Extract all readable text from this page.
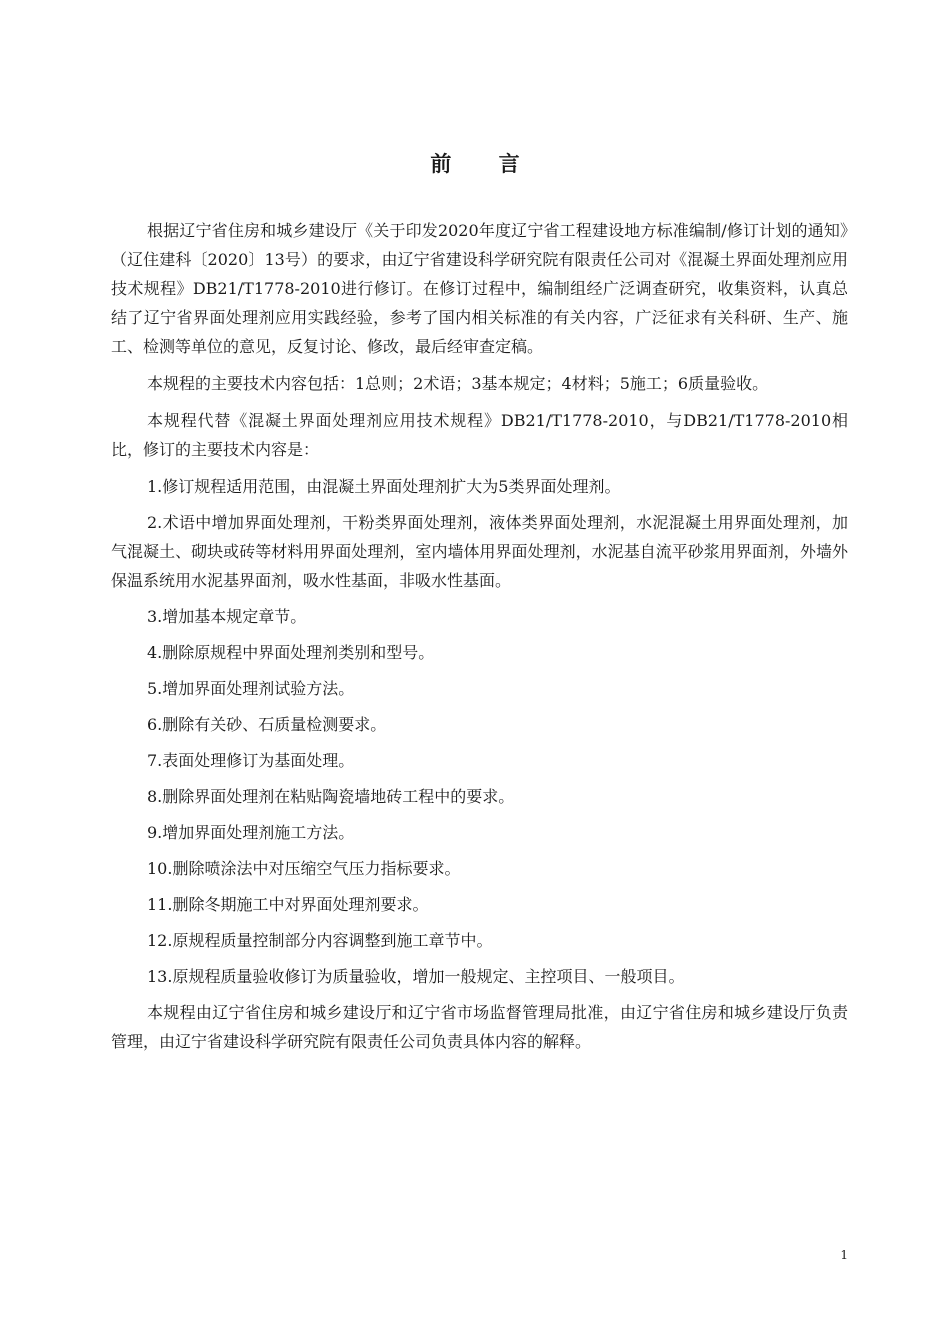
前 言

根据辽宁省住房和城乡建设厅《关于印发2020年度辽宁省工程建设地方标准编制/修订计划的通知》（辽住建科〔2020〕13号）的要求，由辽宁省建设科学研究院有限责任公司对《混凝土界面处理剂应用技术规程》DB21/T1778-2010进行修订。在修订过程中，编制组经广泛调查研究，收集资料，认真总结了辽宁省界面处理剂应用实践经验，参考了国内相关标准的有关内容，广泛征求有关科研、生产、施工、检测等单位的意见，反复讨论、修改，最后经审查定稿。

本规程的主要技术内容包括：1总则；2术语；3基本规定；4材料；5施工；6质量验收。

本规程代替《混凝土界面处理剂应用技术规程》DB21/T1778-2010，与DB21/T1778-2010相比，修订的主要技术内容是：

1.修订规程适用范围，由混凝土界面处理剂扩大为5类界面处理剂。

2.术语中增加界面处理剂，干粉类界面处理剂，液体类界面处理剂，水泥混凝土用界面处理剂，加气混凝土、砌块或砖等材料用界面处理剂，室内墙体用界面处理剂，水泥基自流平砂浆用界面剂，外墙外保温系统用水泥基界面剂，吸水性基面，非吸水性基面。

3.增加基本规定章节。

4.删除原规程中界面处理剂类别和型号。

5.增加界面处理剂试验方法。

6.删除有关砂、石质量检测要求。

7.表面处理修订为基面处理。

8.删除界面处理剂在粘贴陶瓷墙地砖工程中的要求。

9.增加界面处理剂施工方法。

10.删除喷涂法中对压缩空气压力指标要求。

11.删除冬期施工中对界面处理剂要求。

12.原规程质量控制部分内容调整到施工章节中。

13.原规程质量验收修订为质量验收，增加一般规定、主控项目、一般项目。

本规程由辽宁省住房和城乡建设厅和辽宁省市场监督管理局批准，由辽宁省住房和城乡建设厅负责管理，由辽宁省建设科学研究院有限责任公司负责具体内容的解释。

1
